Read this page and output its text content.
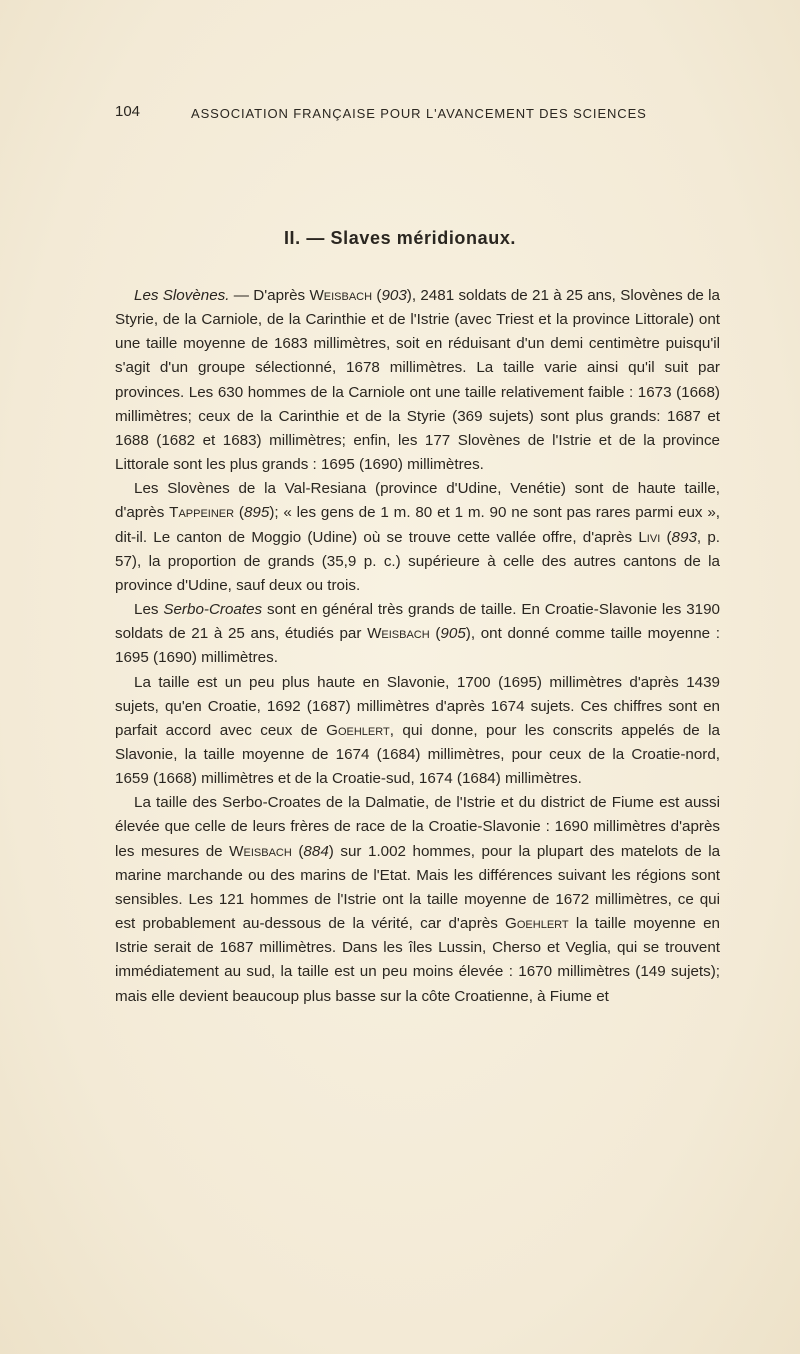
104	ASSOCIATION FRANÇAISE POUR L'AVANCEMENT DES SCIENCES
II. — Slaves méridionaux.

Les Slovènes. — D'après Weisbach (903), 2481 soldats de 21 à 25 ans, Slovènes de la Styrie, de la Carniole, de la Carinthie et de l'Istrie (avec Triest et la province Littorale) ont une taille moyenne de 1683 millimètres, soit en réduisant d'un demi centimètre puisqu'il s'agit d'un groupe sélectionné, 1678 millimètres. La taille varie ainsi qu'il suit par provinces. Les 630 hommes de la Carniole ont une taille relativement faible : 1673 (1668) millimètres; ceux de la Carinthie et de la Styrie (369 sujets) sont plus grands: 1687 et 1688 (1682 et 1683) millimètres; enfin, les 177 Slovènes de l'Istrie et de la province Littorale sont les plus grands : 1695 (1690) millimètres.

Les Slovènes de la Val-Resiana (province d'Udine, Venétie) sont de haute taille, d'après Tappeiner (895); « les gens de 1 m. 80 et 1 m. 90 ne sont pas rares parmi eux », dit-il. Le canton de Moggio (Udine) où se trouve cette vallée offre, d'après Livi (893, p. 57), la proportion de grands (35,9 p. c.) supérieure à celle des autres cantons de la province d'Udine, sauf deux ou trois.

Les Serbo-Croates sont en général très grands de taille. En Croatie-Slavonie les 3190 soldats de 21 à 25 ans, étudiés par Weisbach (905), ont donné comme taille moyenne : 1695 (1690) millimètres.

La taille est un peu plus haute en Slavonie, 1700 (1695) millimètres d'après 1439 sujets, qu'en Croatie, 1692 (1687) millimètres d'après 1674 sujets. Ces chiffres sont en parfait accord avec ceux de Goehlert, qui donne, pour les conscrits appelés de la Slavonie, la taille moyenne de 1674 (1684) millimètres, pour ceux de la Croatie-nord, 1659 (1668) millimètres et de la Croatie-sud, 1674 (1684) millimètres.

La taille des Serbo-Croates de la Dalmatie, de l'Istrie et du district de Fiume est aussi élevée que celle de leurs frères de race de la Croatie-Slavonie : 1690 millimètres d'après les mesures de Weisbach (884) sur 1.002 hommes, pour la plupart des matelots de la marine marchande ou des marins de l'Etat. Mais les différences suivant les régions sont sensibles. Les 121 hommes de l'Istrie ont la taille moyenne de 1672 millimètres, ce qui est probablement au-dessous de la vérité, car d'après Goehlert la taille moyenne en Istrie serait de 1687 millimètres. Dans les îles Lussin, Cherso et Veglia, qui se trouvent immédiatement au sud, la taille est un peu moins élevée : 1670 millimètres (149 sujets); mais elle devient beaucoup plus basse sur la côte Croatienne, à Fiume et
